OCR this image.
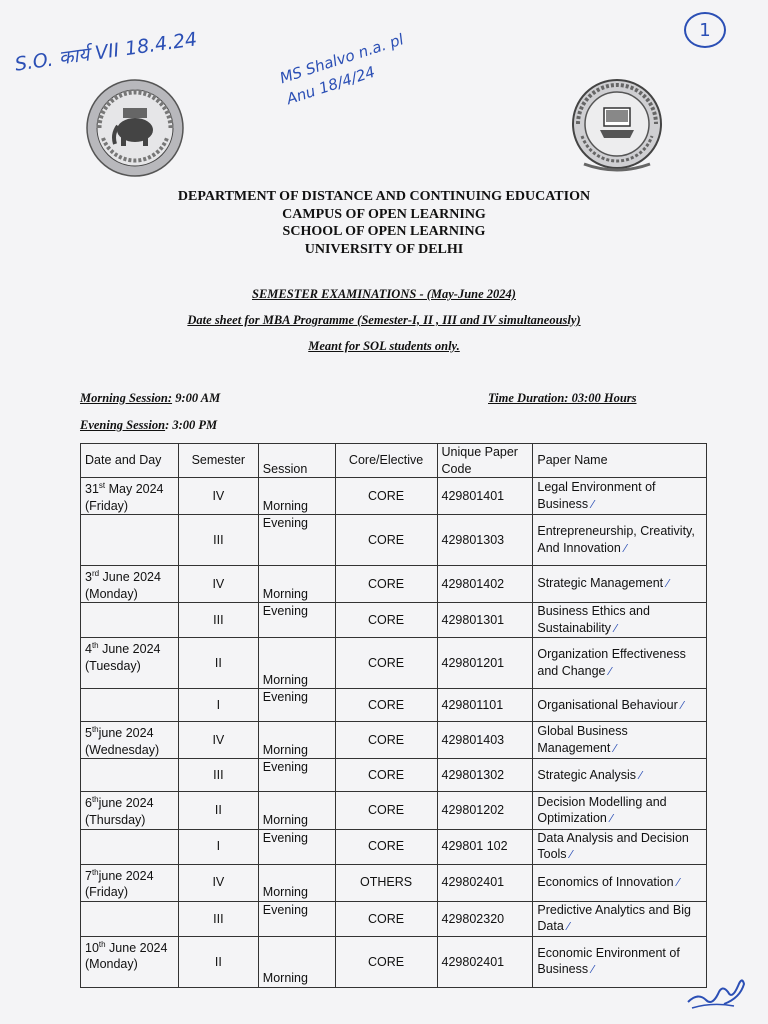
S.O. कार्य VII 18.4.24	MS Shalvo n.a. pl Anu 18/4/24
1
DEPARTMENT OF DISTANCE AND CONTINUING EDUCATION
CAMPUS OF OPEN LEARNING
SCHOOL OF OPEN LEARNING
UNIVERSITY OF DELHI
SEMESTER EXAMINATIONS - (May-June 2024)
Date sheet for MBA Programme (Semester-I, II , III and IV simultaneously)
Meant for SOL students only.
Morning Session: 9:00 AM	Time Duration: 03:00 Hours
Evening Session: 3:00 PM
Date and Day	Semester	Session	Core/Elective	Unique Paper Code	Paper Name
31st May 2024 (Friday)	IV	Morning	CORE	429801401	Legal Environment of Business ⁄
	III	Evening	CORE	429801303	Entrepreneurship, Creativity, And Innovation ⁄
3rd June 2024 (Monday)	IV	Morning	CORE	429801402	Strategic Management ⁄
	III	Evening	CORE	429801301	Business Ethics and Sustainability ⁄
4th June 2024 (Tuesday)	II	Morning	CORE	429801201	Organization Effectiveness and Change ⁄
	I	Evening	CORE	429801101	Organisational Behaviour ⁄
5thjune 2024 (Wednesday)	IV	Morning	CORE	429801403	Global Business Management ⁄
	III	Evening	CORE	429801302	Strategic Analysis ⁄
6thjune 2024 (Thursday)	II	Morning	CORE	429801202	Decision Modelling and Optimization ⁄
	I	Evening	CORE	429801 102	Data Analysis and Decision Tools ⁄
7thjune 2024 (Friday)	IV	Morning	OTHERS	429802401	Economics of Innovation ⁄
	III	Evening	CORE	429802320	Predictive Analytics and Big Data ⁄
10th June 2024 (Monday)	II	Morning	CORE	429802401	Economic Environment of Business ⁄
